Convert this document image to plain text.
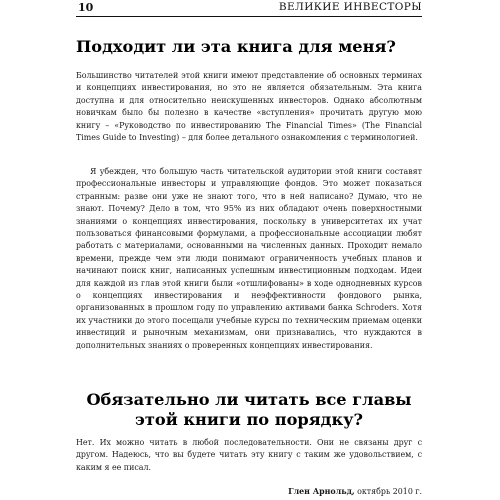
10	ВЕЛИКИЕ ИНВЕСТОРЫ
Подходит ли эта книга для меня?

Большинство читателей этой книги имеют представление об основных терминах и концепциях инвестирования, но это не является обязательным. Эта книга доступна и для относительно неискушенных инвесторов. Однако абсолютным новичкам было бы полезно в качестве «вступления» прочитать другую мою книгу – «Руководство по инвестированию The Financial Times» (The Financial Times Guide to Investing) – для более детального ознакомления с терминологией.

Я убежден, что большую часть читательской аудитории этой книги составят профессиональные инвесторы и управляющие фондов. Это может показаться странным: разве они уже не знают того, что в ней написано? Думаю, что не знают. Почему? Дело в том, что 95% из них обладают очень поверхностными знаниями о концепциях инвестирования, поскольку в университетах их учат пользоваться финансовыми формулами, а профессиональные ассоциации любят работать с материалами, основанными на численных данных. Проходит немало времени, прежде чем эти люди понимают ограниченность учебных планов и начинают поиск книг, написанных успешным инвестиционным подходам. Идеи для каждой из глав этой книги были «отшлифованы» в ходе однодневных курсов о концепциях инвестирования и неэффективности фондового рынка, организованных в прошлом году по управлению активами банка Schroders. Хотя их участники до этого посещали учебные курсы по техническим приемам оценки инвестиций и рыночным механизмам, они признавались, что нуждаются в дополнительных знаниях о проверенных концепциях инвестирования.

Обязательно ли читать все главы этой книги по порядку?

Нет. Их можно читать в любой последовательности. Они не связаны друг с другом. Надеюсь, что вы будете читать эту книгу с таким же удовольствием, с каким я ее писал.

Глен Арнольд, октябрь 2010 г.
